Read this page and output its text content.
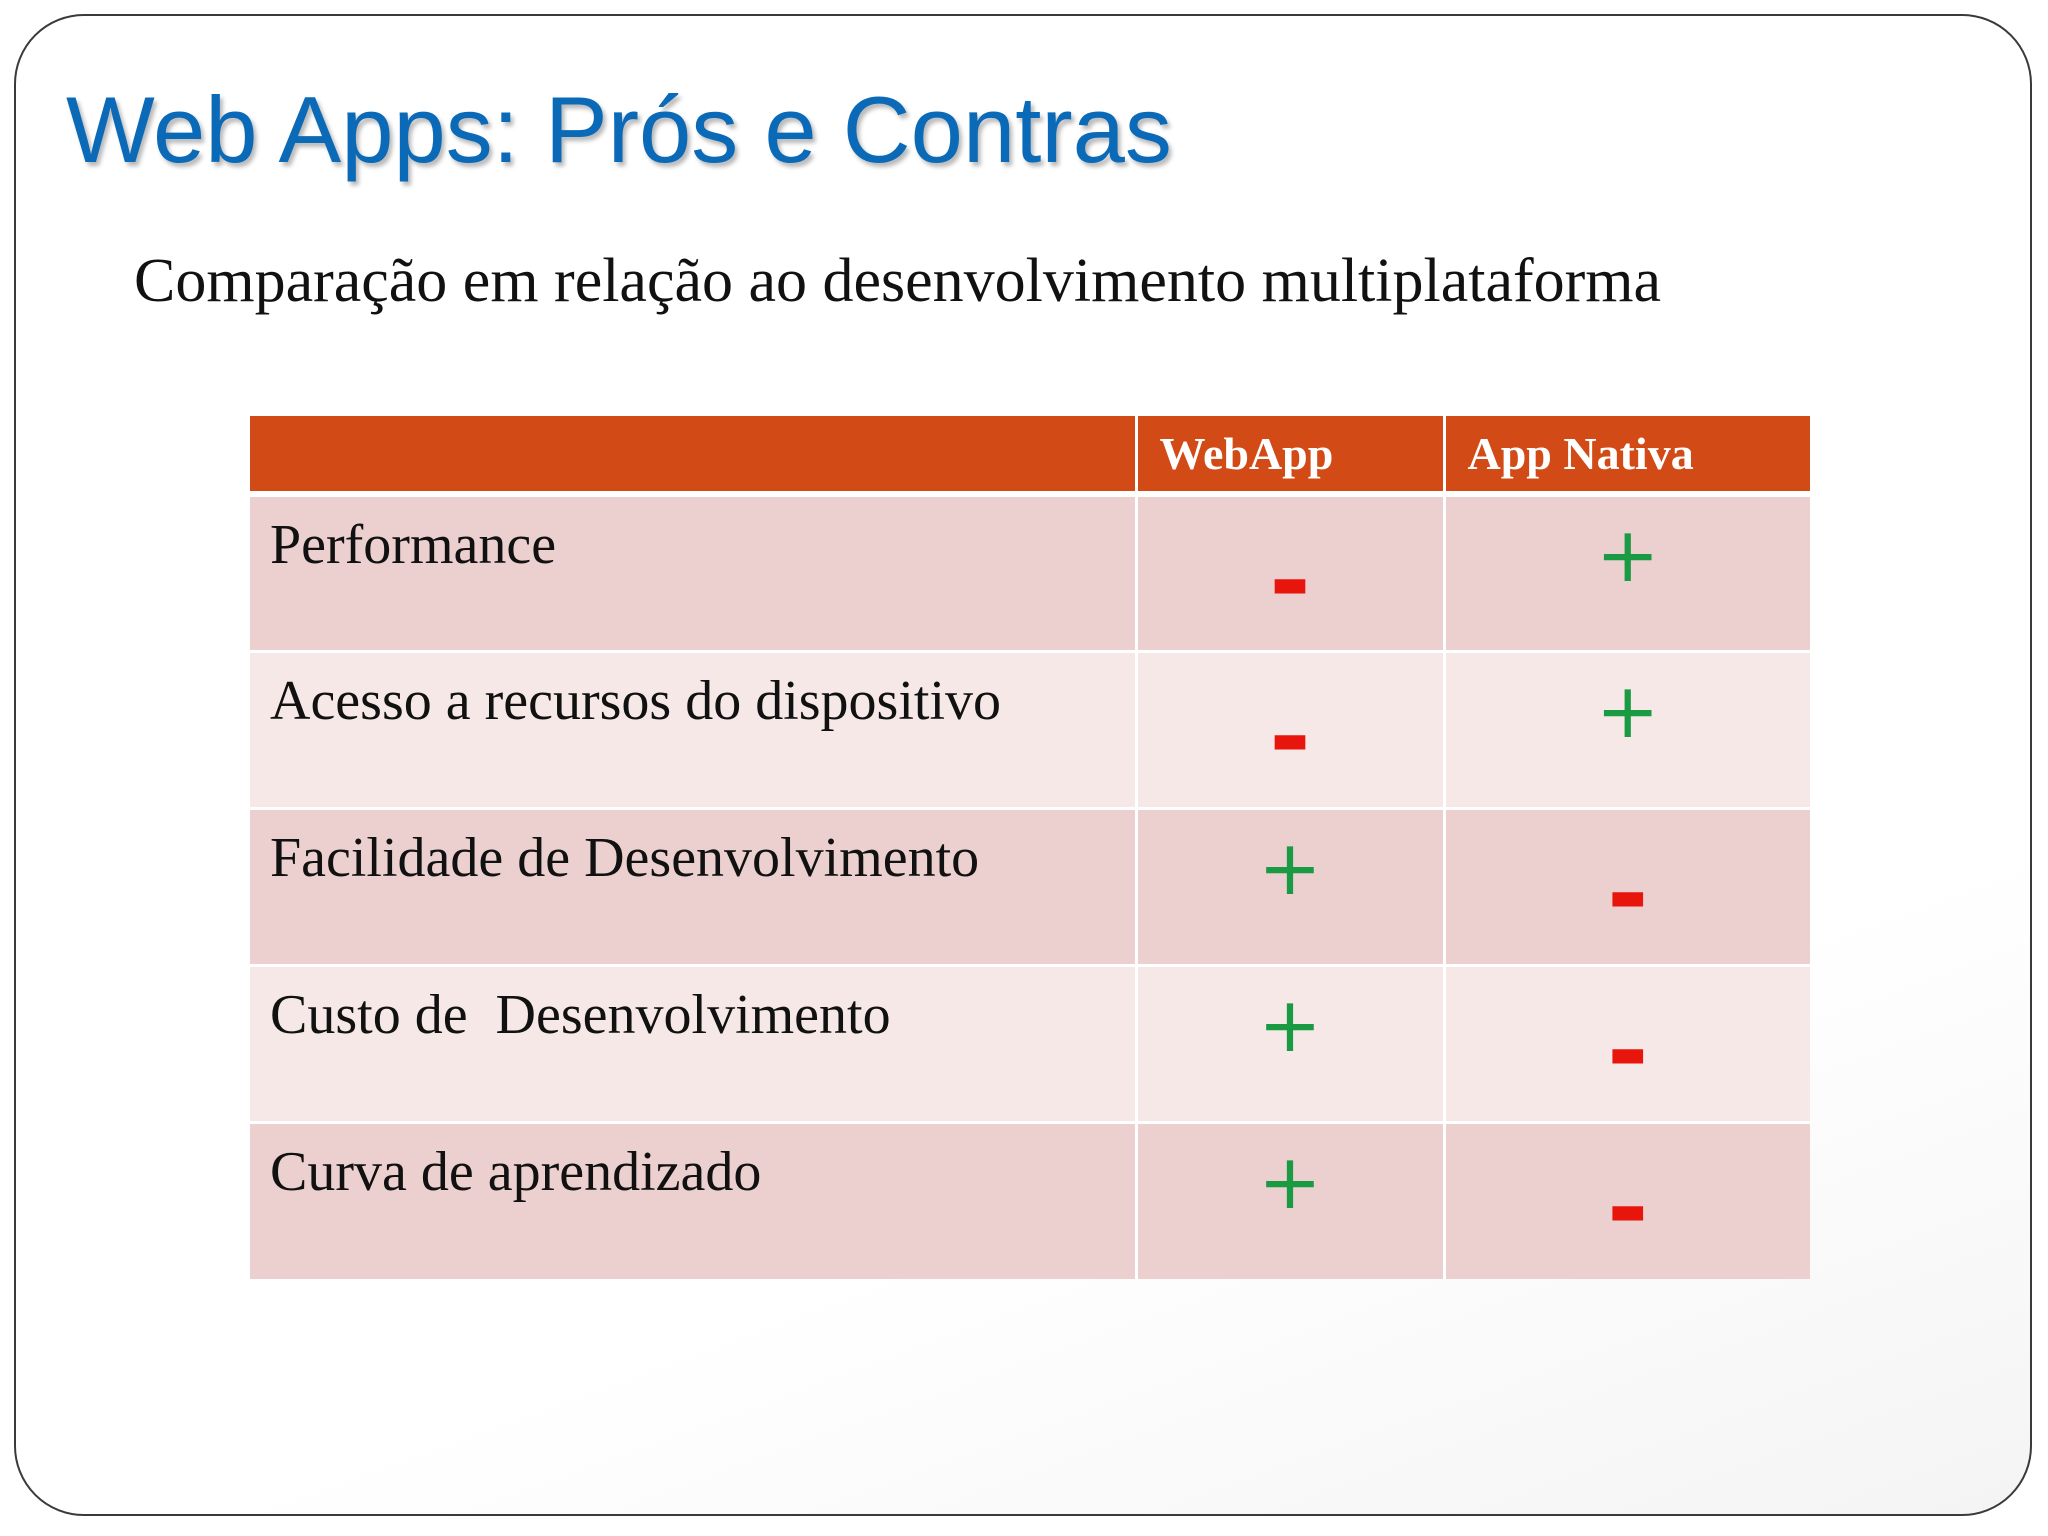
Web Apps: Prós e Contras
Comparação em relação ao desenvolvimento multiplataforma
	WebApp	App Nativa

Performance	-	+

Acesso a recursos do dispositivo	-	+

Facilidade de Desenvolvimento	+	-

Custo de  Desenvolvimento	+	-

Curva de aprendizado	+	-
